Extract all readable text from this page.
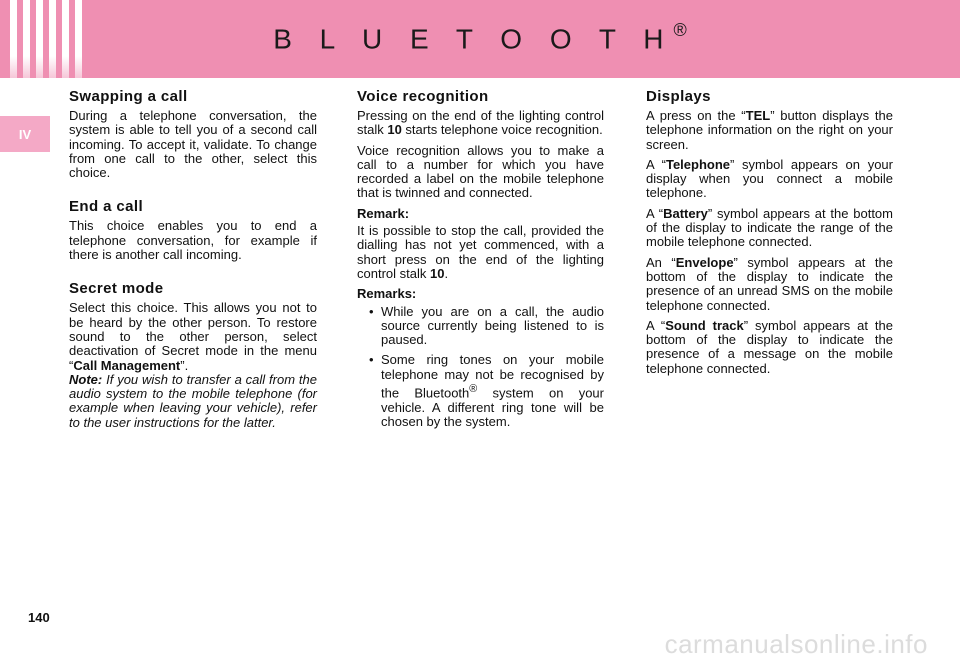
B L U E T O O T H®
IV
Swapping a call

During a telephone conversation, the system is able to tell you of a second call incoming. To accept it, validate. To change from one call to the other, select this choice.

End a call

This choice enables you to end a telephone conversation, for example if there is another call incoming.

Secret mode

Select this choice. This allows you not to be heard by the other person. To restore sound to the other person, select deactivation of Secret mode in the menu “Call Management”.

Note: If you wish to transfer a call from the audio system to the mobile telephone (for example when leaving your vehicle), refer to the user instructions for the latter.

Voice recognition

Pressing on the end of the lighting control stalk 10 starts telephone voice recognition.

Voice recognition allows you to make a call to a number for which you have recorded a label on the mobile telephone that is twinned and connected.

Remark:

It is possible to stop the call, provided the dialling has not yet commenced, with a short press on the end of the lighting control stalk 10.

Remarks:

• While you are on a call, the audio source currently being listened to is paused.
• Some ring tones on your mobile telephone may not be recognised by the Bluetooth® system on your vehicle. A different ring tone will be chosen by the system.
Displays

A press on the “TEL” button displays the telephone information on the right on your screen.

A “Telephone” symbol appears on your display when you connect a mobile telephone.

A “Battery” symbol appears at the bottom of the display to indicate the range of the mobile telephone connected.

An “Envelope” symbol appears at the bottom of the display to indicate the presence of an unread SMS on the mobile telephone connected.

A “Sound track” symbol appears at the bottom of the display to indicate the presence of a message on the mobile telephone connected.

140
carmanualsonline.info
